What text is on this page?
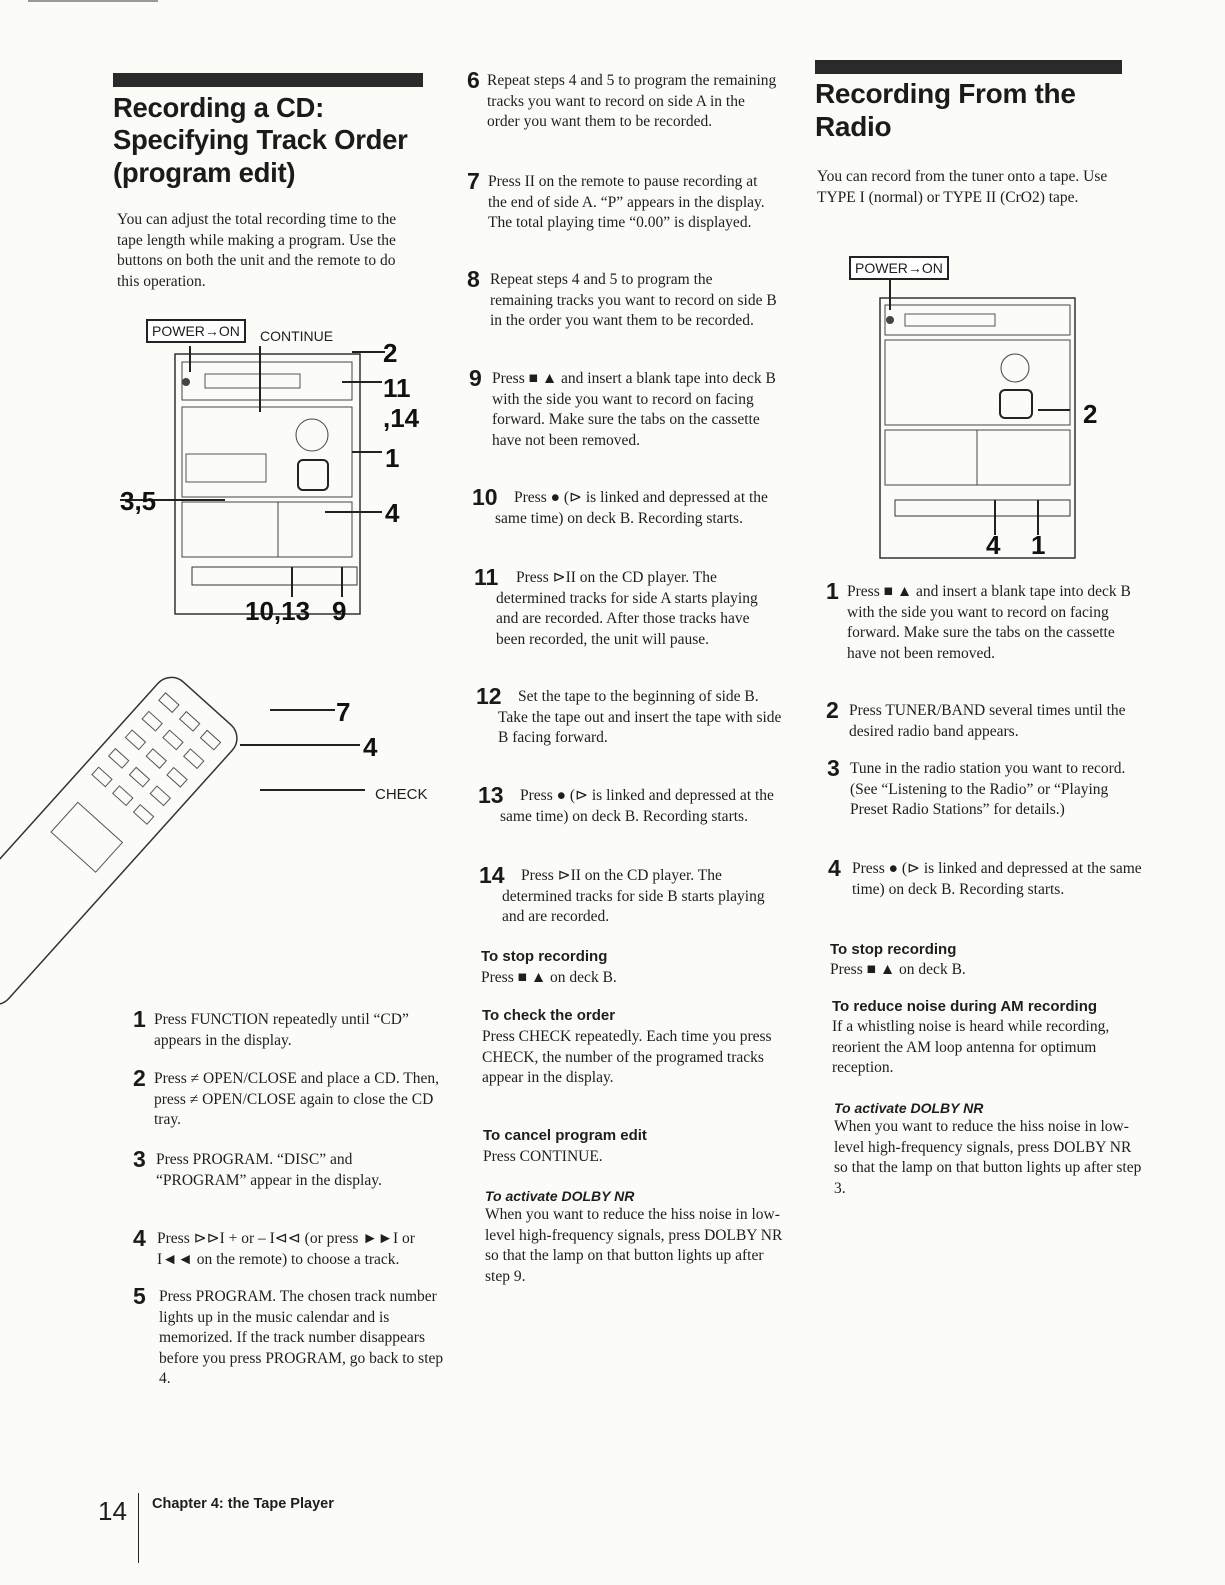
Recording a CD:
Specifying Track Order
(program edit)

You can adjust the total recording time to the tape length while making a program. Use the buttons on both the unit and the remote to do this operation.

POWER→ON	CONTINUE
2
11
,14
1
3,5	4
10,13 9
7
4
CHECK
1 Press FUNCTION repeatedly until “CD” appears in the display.
2 Press ≠ OPEN/CLOSE and place a CD. Then, press ≠ OPEN/CLOSE again to close the CD tray.
3 Press PROGRAM. “DISC” and “PROGRAM” appear in the display.
4 Press ⊳⊳I + or – I⊲⊲ (or press ►►I or I◄◄ on the remote) to choose a track.
5 Press PROGRAM. The chosen track number lights up in the music calendar and is memorized. If the track number disappears before you press PROGRAM, go back to step 4.
6 Repeat steps 4 and 5 to program the remaining tracks you want to record on side A in the order you want them to be recorded.
7 Press II on the remote to pause recording at the end of side A. “P” appears in the display. The total playing time “0.00” is displayed.
8 Repeat steps 4 and 5 to program the remaining tracks you want to record on side B in the order you want them to be recorded.
9 Press ■ ▲ and insert a blank tape into deck B with the side you want to record on facing forward. Make sure the tabs on the cassette have not been removed.
10	Press ● (⊳ is linked and depressed at the same time) on deck B. Recording starts.
11	Press ⊳II on the CD player. The determined tracks for side A starts playing and are recorded. After those tracks have been recorded, the unit will pause.
12	Set the tape to the beginning of side B. Take the tape out and insert the tape with side B facing forward.
13	Press ● (⊳ is linked and depressed at the same time) on deck B. Recording starts.
14	Press ⊳II on the CD player. The determined tracks for side B starts playing and are recorded.
To stop recording
Press ■ ▲ on deck B.
To check the order
Press CHECK repeatedly. Each time you press CHECK, the number of the programed tracks appear in the display.
To cancel program edit
Press CONTINUE.
To activate DOLBY NR
When you want to reduce the hiss noise in low-level high-frequency signals, press DOLBY NR so that the lamp on that button lights up after step 9.
Recording From the
Radio

You can record from the tuner onto a tape. Use TYPE I (normal) or TYPE II (CrO2) tape.

POWER→ON
2
4 1
1 Press ■ ▲ and insert a blank tape into deck B with the side you want to record on facing forward. Make sure the tabs on the cassette have not been removed.
2 Press TUNER/BAND several times until the desired radio band appears.
3 Tune in the radio station you want to record. (See “Listening to the Radio” or “Playing Preset Radio Stations” for details.)
4 Press ● (⊳ is linked and depressed at the same time) on deck B. Recording starts.
To stop recording
Press ■ ▲ on deck B.
To reduce noise during AM recording
If a whistling noise is heard while recording, reorient the AM loop antenna for optimum reception.
To activate DOLBY NR
When you want to reduce the hiss noise in low-level high-frequency signals, press DOLBY NR so that the lamp on that button lights up after step 3.
14 Chapter 4: the Tape Player
